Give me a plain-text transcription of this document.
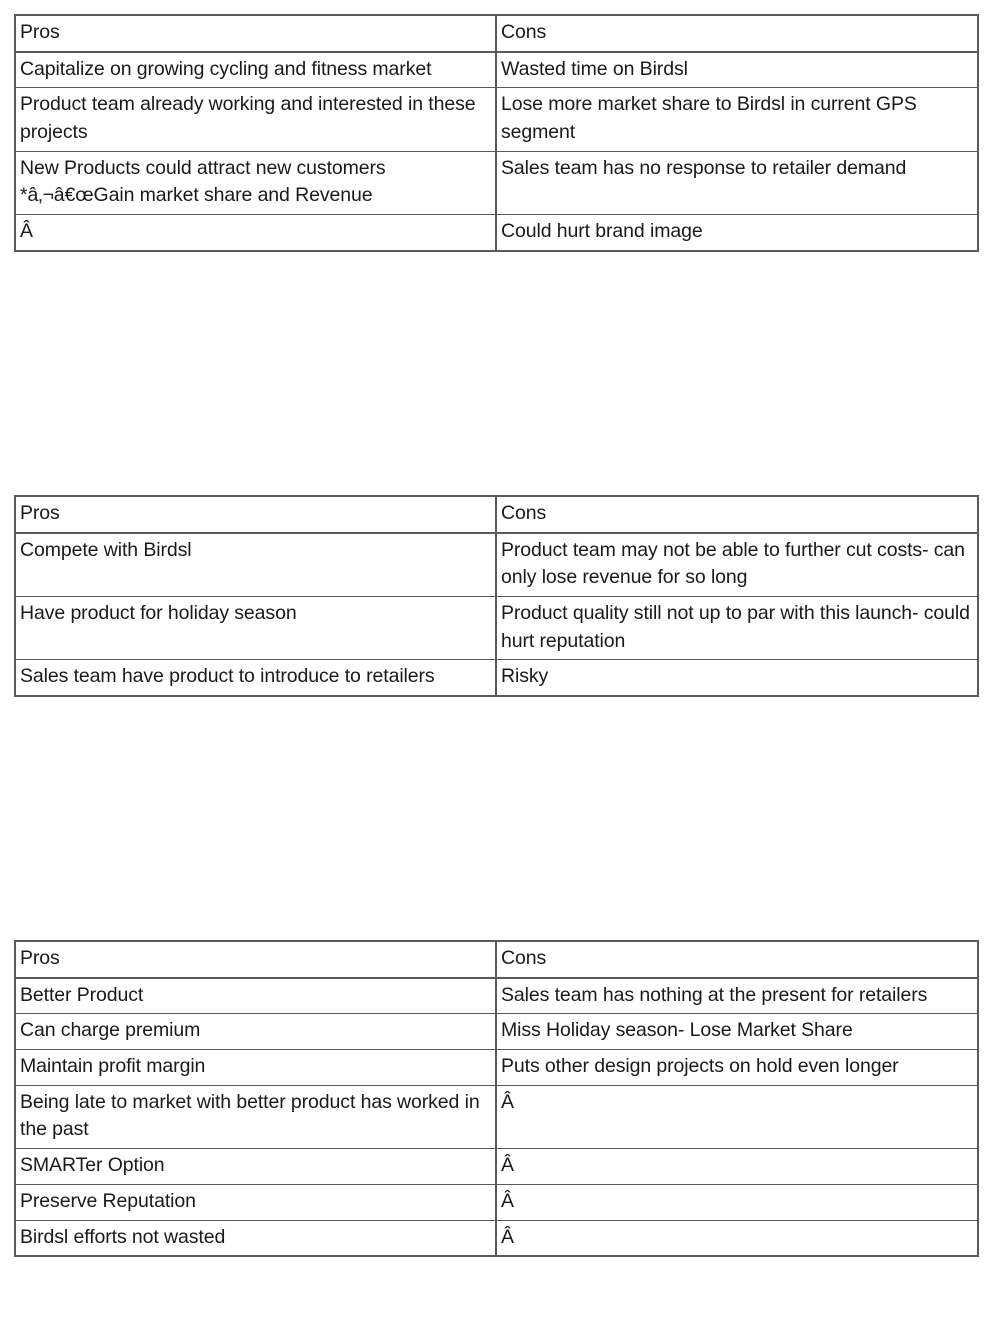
Pros	Cons
Capitalize on growing cycling and fitness market	Wasted time on Birdsl
Product team already working and interested in these projects	Lose more market share to Birdsl in current GPS segment
New Products could attract new customers *â‚¬â€œGain market share and Revenue	Sales team has no response to retailer demand
Â	Could hurt brand image
Pros	Cons
Compete with Birdsl	Product team may not be able to further cut costs- can only lose revenue for so long
Have product for holiday season	Product quality still not up to par with this launch- could hurt reputation
Sales team have product to introduce to retailers	Risky
Pros	Cons
Better Product	Sales team has nothing at the present for retailers
Can charge premium	Miss Holiday season- Lose Market Share
Maintain profit margin	Puts other design projects on hold even longer
Being late to market with better product has worked in the past	Â
SMARTer Option	Â
Preserve Reputation	Â
Birdsl efforts not wasted	Â
